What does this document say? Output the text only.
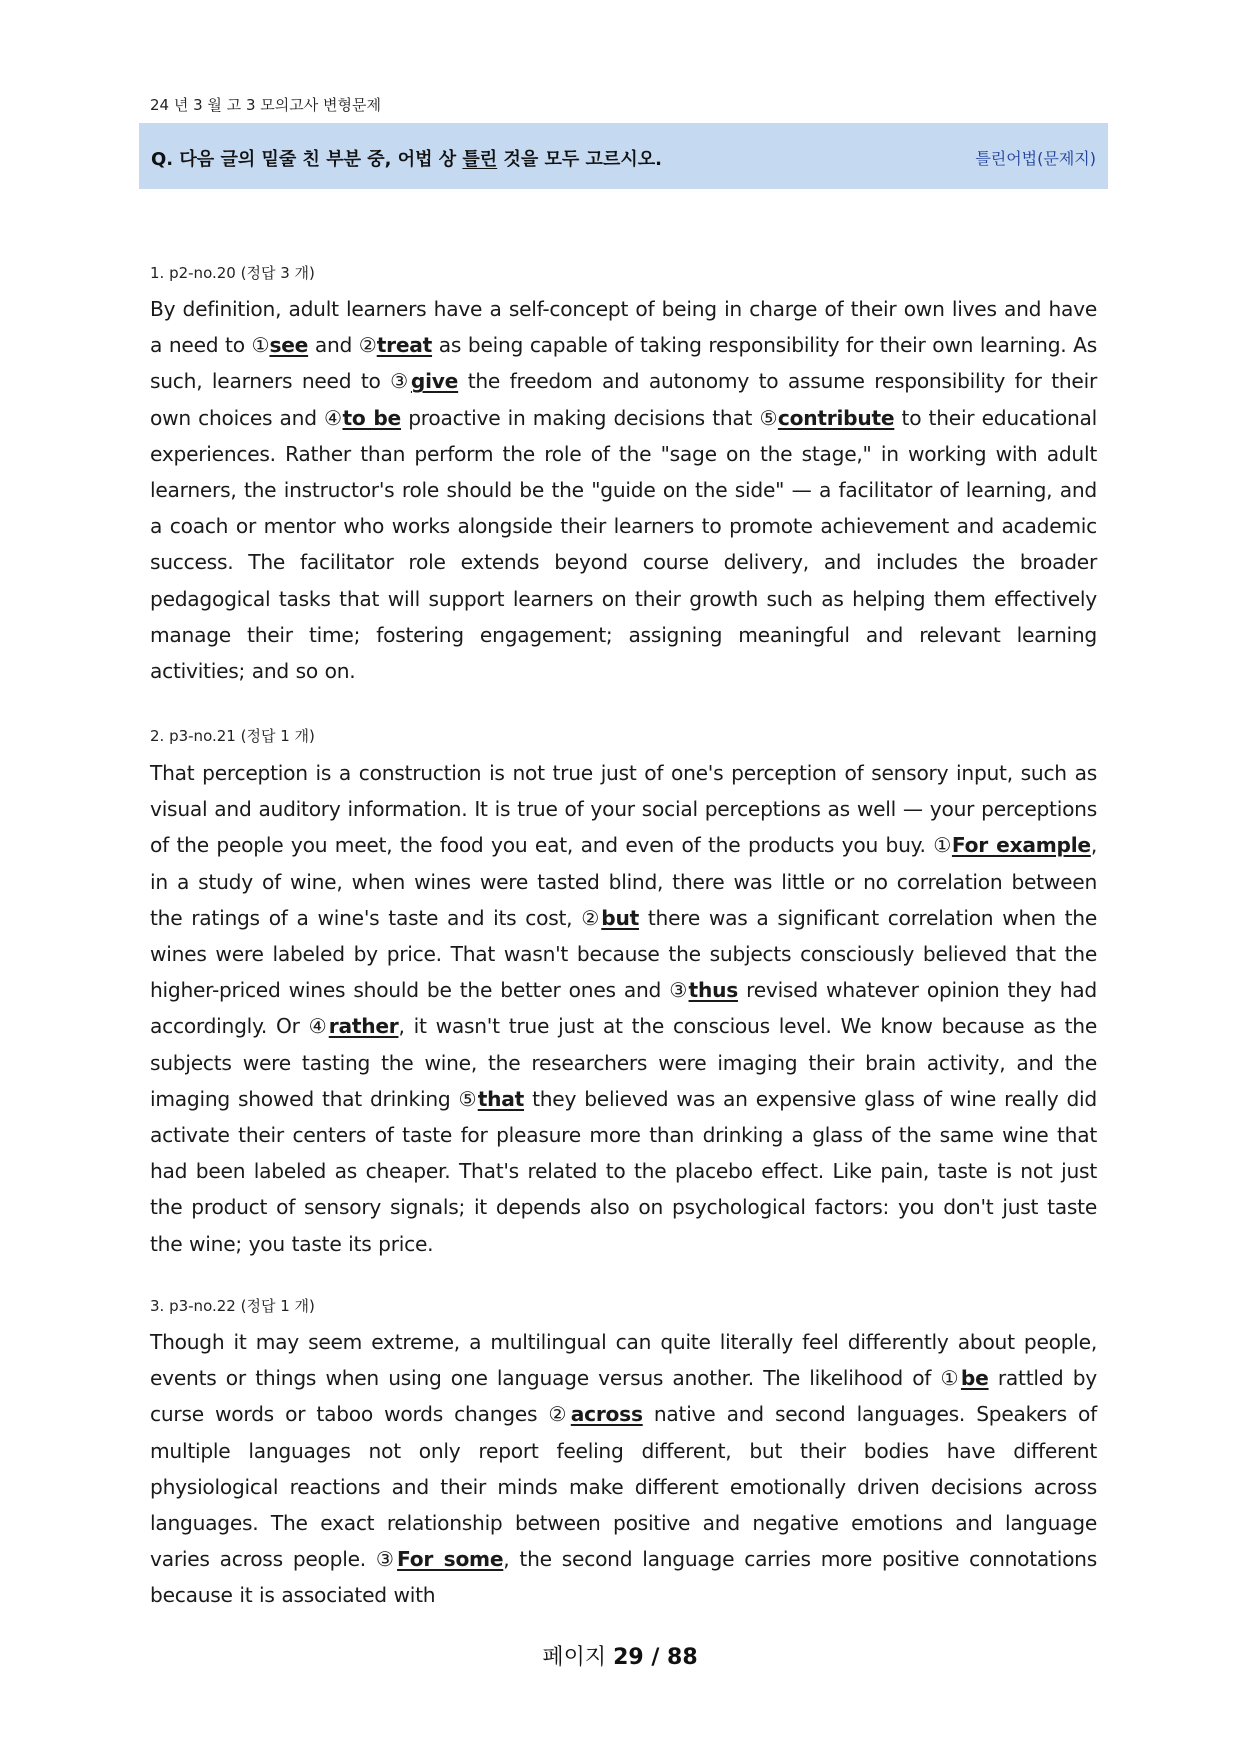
24 년 3 월 고 3 모의고사 변형문제
Q. 다음 글의 밑줄 친 부분 중, 어법 상 틀린 것을 모두 고르시오.	틀린어법(문제지)
1. p2-no.20 (정답 3 개)
By definition, adult learners have a self-concept of being in charge of their own lives and have a need to ①see and ②treat as being capable of taking responsibility for their own learning. As such, learners need to ③give the freedom and autonomy to assume responsibility for their own choices and ④to be proactive in making decisions that ⑤contribute to their educational experiences. Rather than perform the role of the "sage on the stage," in working with adult learners, the instructor's role should be the "guide on the side" — a facilitator of learning, and a coach or mentor who works alongside their learners to promote achievement and academic success. The facilitator role extends beyond course delivery, and includes the broader pedagogical tasks that will support learners on their growth such as helping them effectively manage their time; fostering engagement; assigning meaningful and relevant learning activities; and so on.
2. p3-no.21 (정답 1 개)
That perception is a construction is not true just of one's perception of sensory input, such as visual and auditory information. It is true of your social perceptions as well — your perceptions of the people you meet, the food you eat, and even of the products you buy. ①For example, in a study of wine, when wines were tasted blind, there was little or no correlation between the ratings of a wine's taste and its cost, ②but there was a significant correlation when the wines were labeled by price. That wasn't because the subjects consciously believed that the higher-priced wines should be the better ones and ③thus revised whatever opinion they had accordingly. Or ④rather, it wasn't true just at the conscious level. We know because as the subjects were tasting the wine, the researchers were imaging their brain activity, and the imaging showed that drinking ⑤that they believed was an expensive glass of wine really did activate their centers of taste for pleasure more than drinking a glass of the same wine that had been labeled as cheaper. That's related to the placebo effect. Like pain, taste is not just the product of sensory signals; it depends also on psychological factors: you don't just taste the wine; you taste its price.
3. p3-no.22 (정답 1 개)
Though it may seem extreme, a multilingual can quite literally feel differently about people, events or things when using one language versus another. The likelihood of ①be rattled by curse words or taboo words changes ②across native and second languages. Speakers of multiple languages not only report feeling different, but their bodies have different physiological reactions and their minds make different emotionally driven decisions across languages. The exact relationship between positive and negative emotions and language varies across people. ③For some, the second language carries more positive connotations because it is associated with
페이지 29 / 88
